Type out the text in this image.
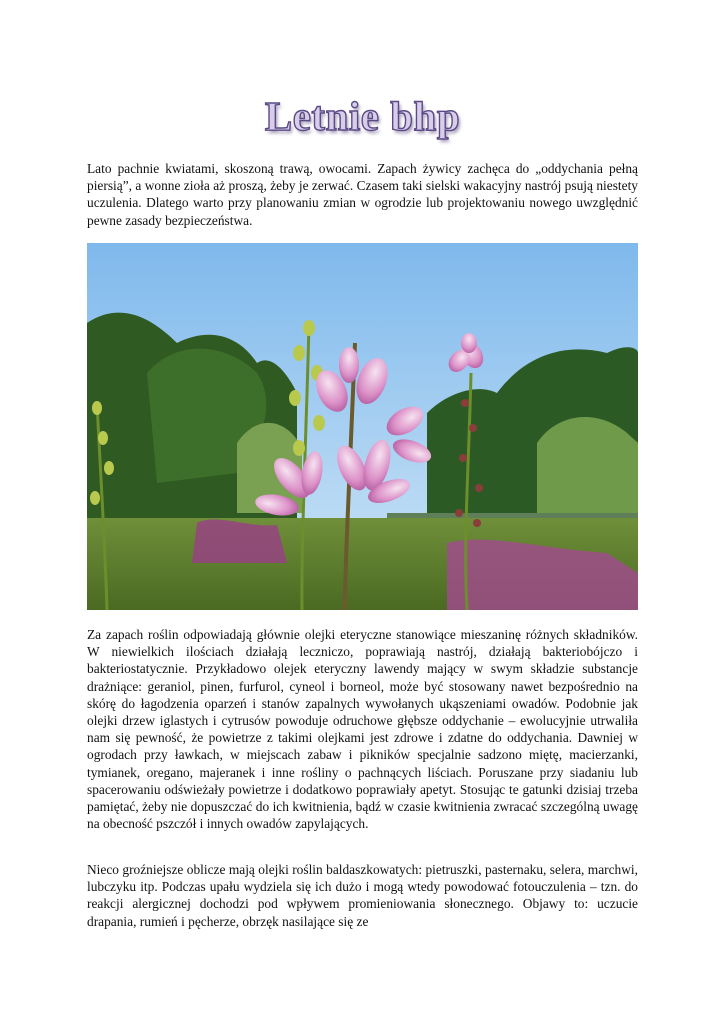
Letnie bhp

Lato pachnie kwiatami, skoszoną trawą, owocami. Zapach żywicy zachęca do „oddychania pełną piersią”, a wonne zioła aż proszą, żeby je zerwać. Czasem taki sielski wakacyjny nastrój psują niestety uczulenia. Dlatego warto przy planowaniu zmian w ogrodzie lub projektowaniu nowego uwzględnić pewne zasady bezpieczeństwa.

Za zapach roślin odpowiadają głównie olejki eteryczne stanowiące mieszaninę różnych składników. W niewielkich ilościach działają leczniczo, poprawiają nastrój, działają bakteriobójczo i bakteriostatycznie. Przykładowo olejek eteryczny lawendy mający w swym składzie substancje drażniące: geraniol, pinen, furfurol, cyneol i borneol, może być stosowany nawet bezpośrednio na skórę do łagodzenia oparzeń i stanów zapalnych wywołanych ukąszeniami owadów. Podobnie jak olejki drzew iglastych i cytrusów powoduje odruchowe głębsze oddychanie – ewolucyjnie utrwaliła nam się pewność, że powietrze z takimi olejkami jest zdrowe i zdatne do oddychania. Dawniej w ogrodach przy ławkach, w miejscach zabaw i pikników specjalnie sadzono miętę, macierzanki, tymianek, oregano, majeranek i inne rośliny o pachnących liściach. Poruszane przy siadaniu lub spacerowaniu odświeżały powietrze i dodatkowo poprawiały apetyt. Stosując te gatunki dzisiaj trzeba pamiętać, żeby nie dopuszczać do ich kwitnienia, bądź w czasie kwitnienia zwracać szczególną uwagę na obecność pszczół i innych owadów zapylających.

Nieco groźniejsze oblicze mają olejki roślin baldaszkowatych: pietruszki, pasternaku, selera, marchwi, lubczyku itp. Podczas upału wydziela się ich dużo i mogą wtedy powodować fotouczulenia – tzn. do reakcji alergicznej dochodzi pod wpływem promieniowania słonecznego. Objawy to: uczucie drapania, rumień i pęcherze, obrzęk nasilające się ze
